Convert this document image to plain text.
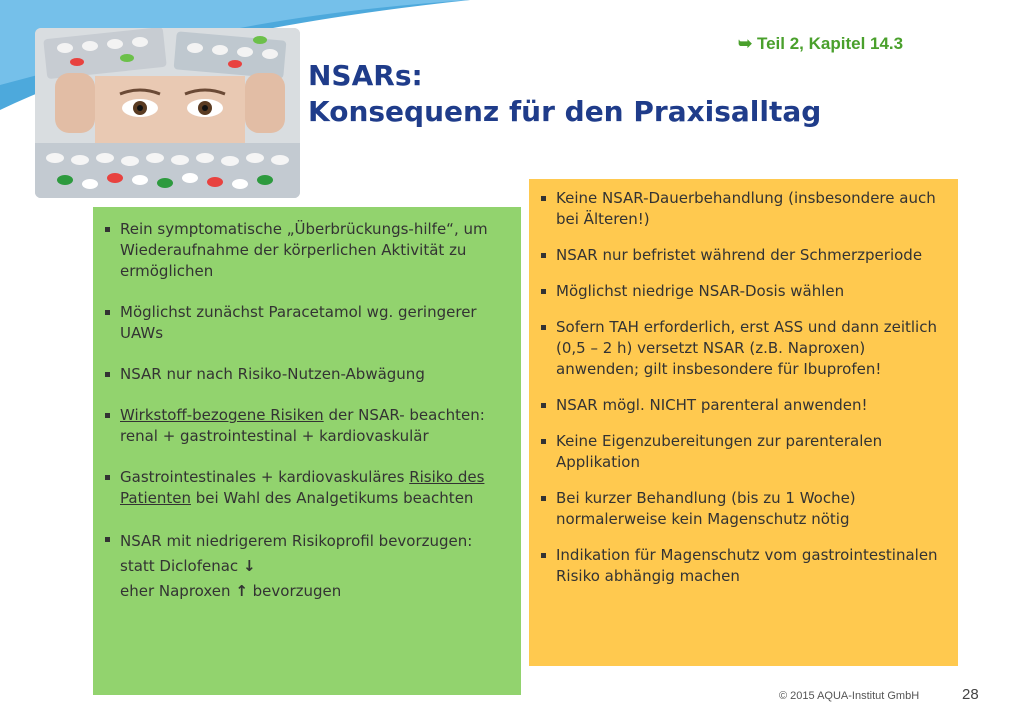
➥ Teil 2, Kapitel 14.3
NSARs:
Konsequenz für den Praxisalltag
Rein symptomatische „Überbrückungs-hilfe“, um Wiederaufnahme der körperlichen Aktivität zu ermöglichen
Möglichst zunächst Paracetamol wg. geringerer UAWs
NSAR nur nach Risiko-Nutzen-Abwägung
Wirkstoff-bezogene Risiken der NSAR- beachten: renal + gastrointestinal + kardiovaskulär
Gastrointestinales + kardiovaskuläres Risiko des Patienten bei Wahl des Analgetikums beachten
NSAR mit niedrigerem Risikoprofil bevorzugen: statt Diclofenac ↓
eher Naproxen ↑ bevorzugen
Keine NSAR-Dauerbehandlung (insbesondere auch bei Älteren!)
NSAR nur befristet während der Schmerzperiode
Möglichst niedrige NSAR-Dosis wählen
Sofern TAH erforderlich, erst ASS und dann zeitlich (0,5 – 2 h) versetzt NSAR (z.B. Naproxen) anwenden; gilt insbesondere für Ibuprofen!
NSAR mögl. NICHT parenteral anwenden!
Keine Eigenzubereitungen zur parenteralen Applikation
Bei kurzer Behandlung (bis zu 1 Woche) normalerweise kein Magenschutz nötig
Indikation für Magenschutz vom gastrointestinalen Risiko abhängig machen
© 2015 AQUA-Institut GmbH	28
